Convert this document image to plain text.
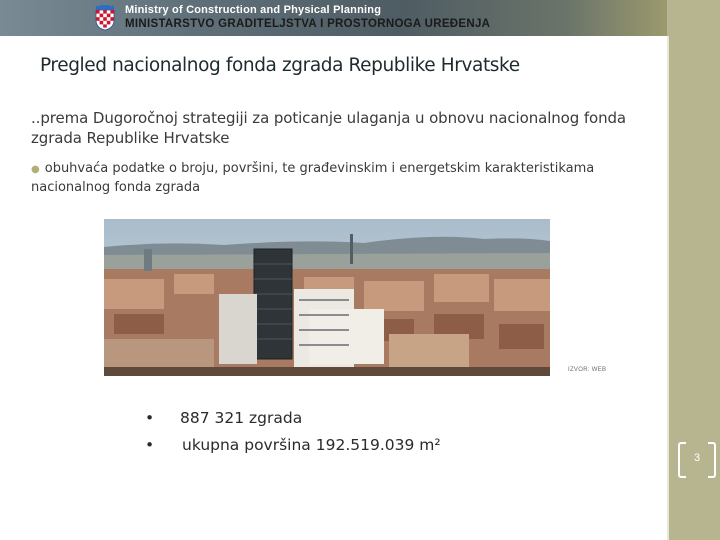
Ministry of Construction and Physical Planning
MINISTARSTVO GRADITELJSTVA I PROSTORNOGA UREĐENJA
3
Pregled nacionalnog fonda zgrada Republike Hrvatske
..prema Dugoročnoj strategiji za poticanje ulaganja u obnovu nacionalnog fonda zgrada Republike Hrvatske
● obuhvaća podatke o broju, površini, te građevinskim i energetskim karakteristikama nacionalnog fonda zgrada
IZVOR: WEB
• 887 321 zgrada
• ukupna površina 192.519.039 m²
